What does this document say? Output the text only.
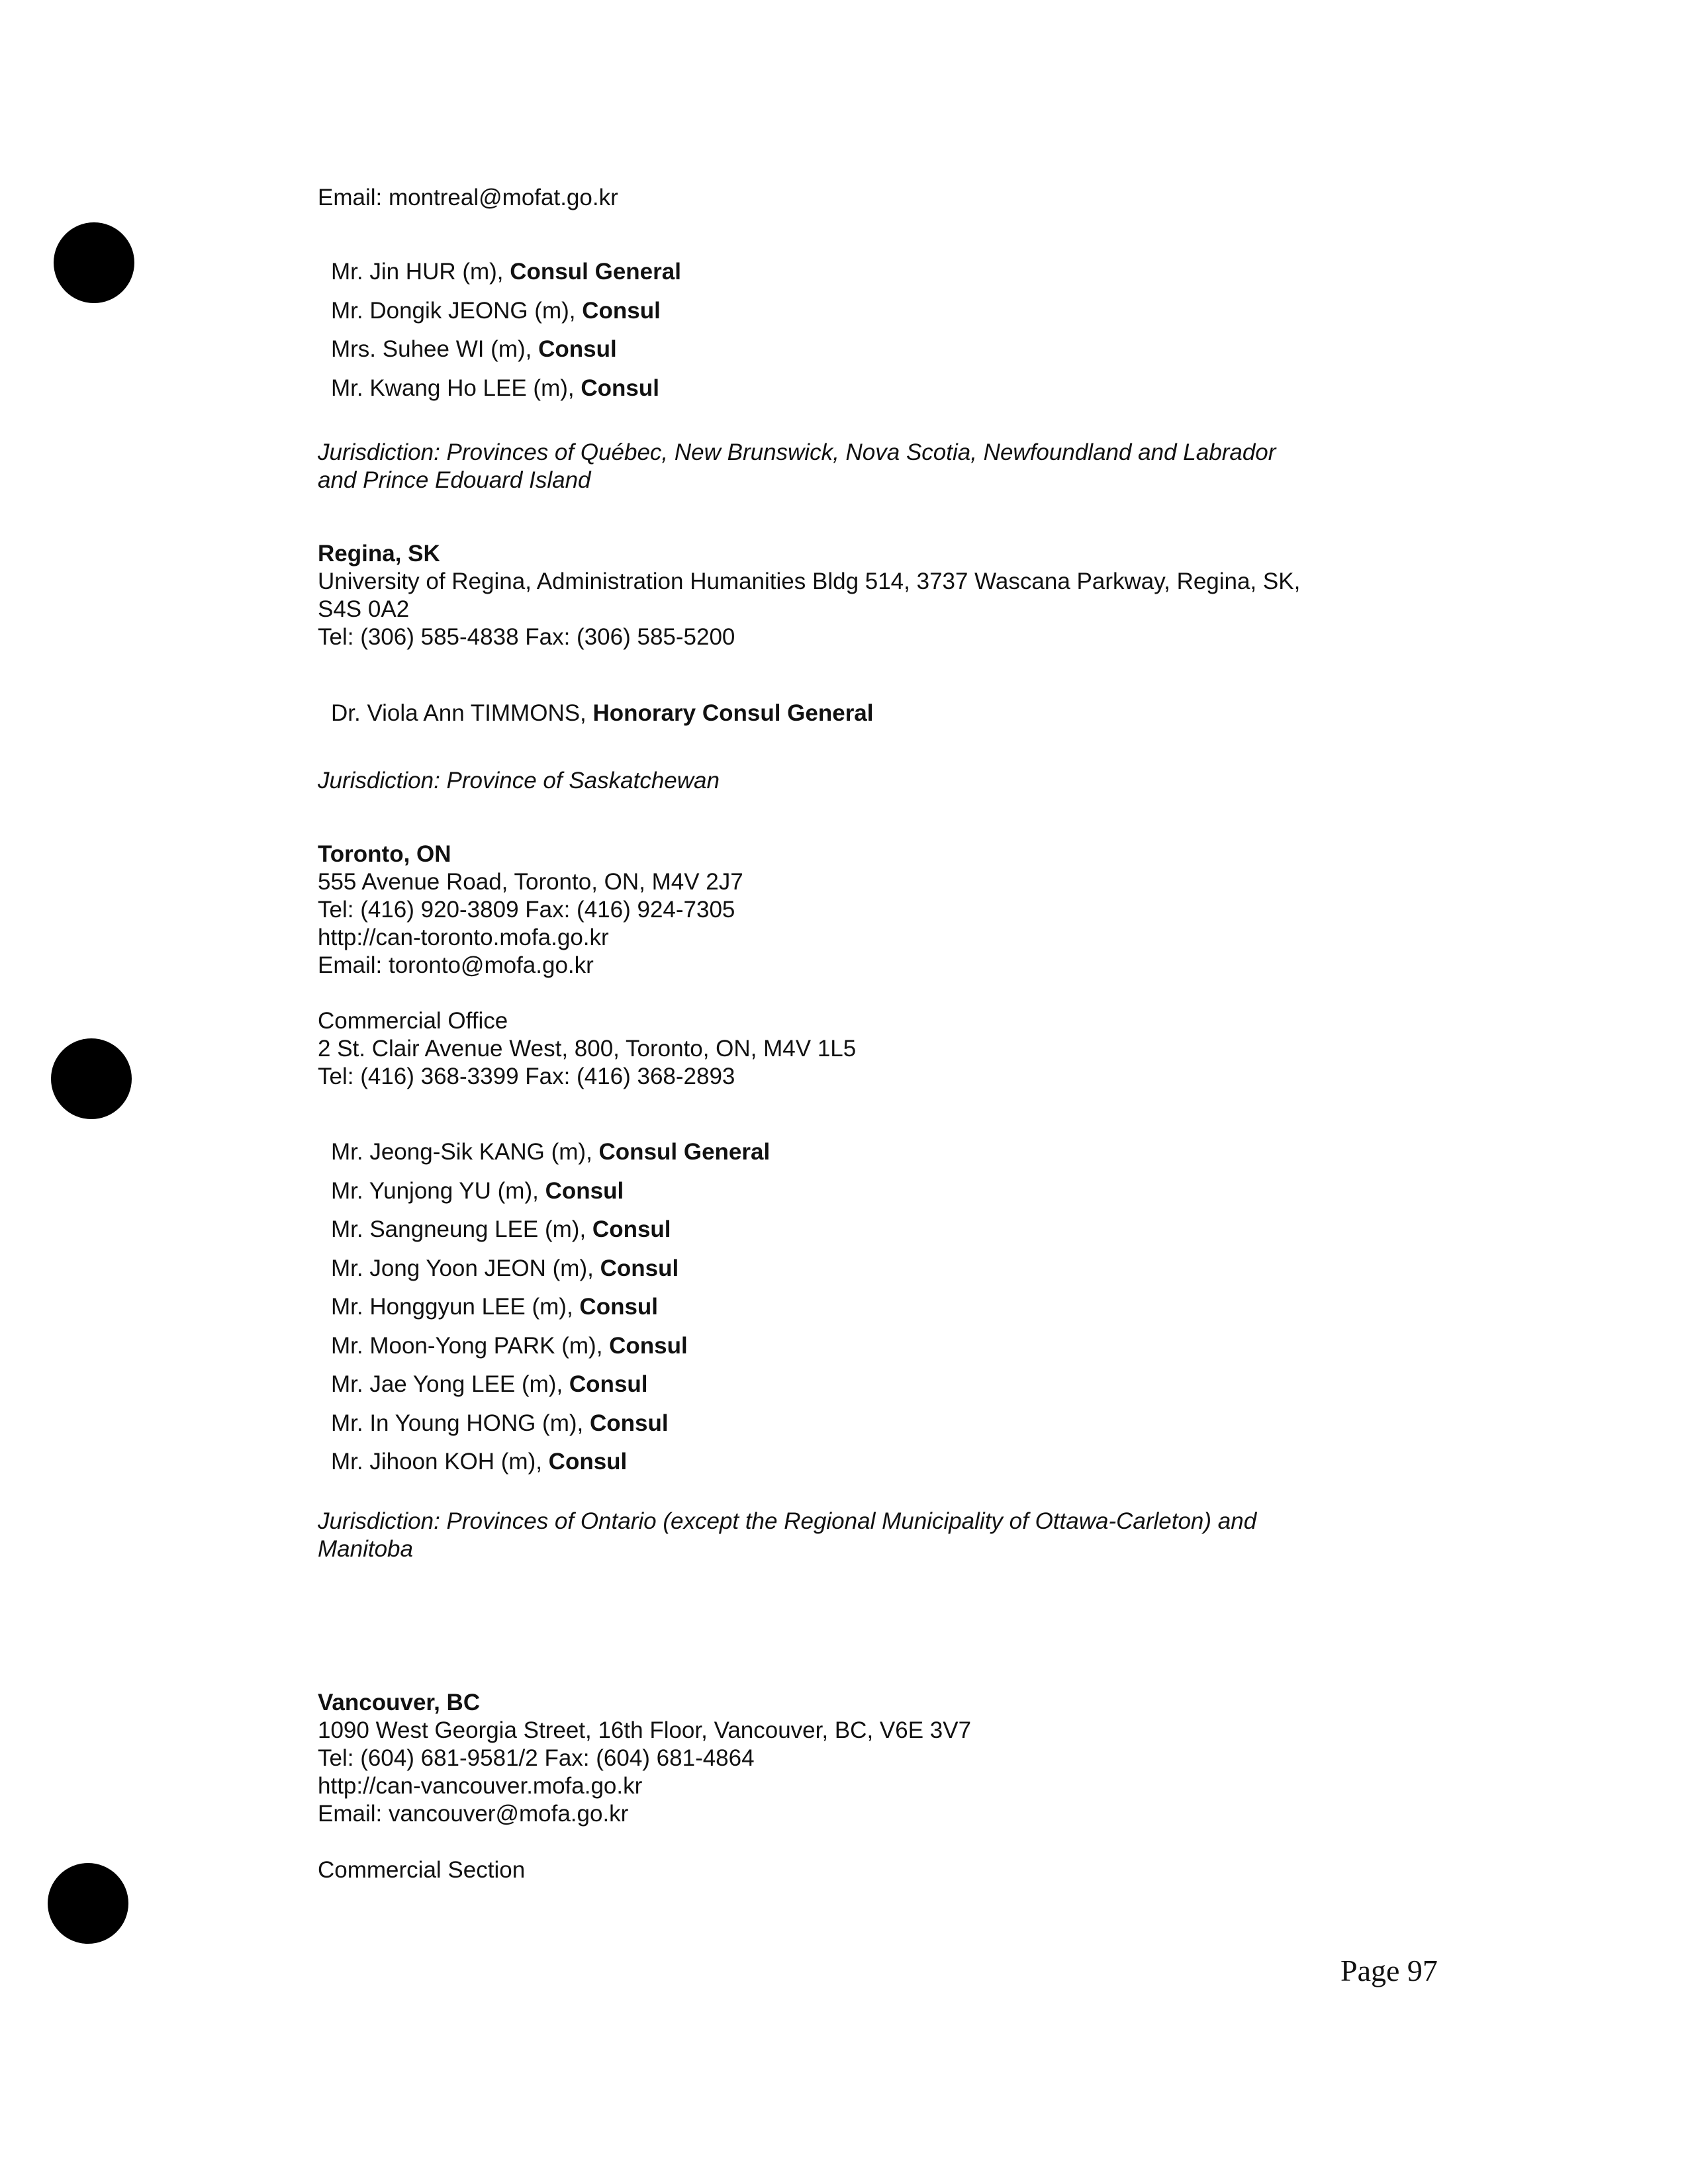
Email: montreal@mofat.go.kr

Mr. Jin HUR (m), Consul General
Mr. Dongik JEONG (m), Consul
Mrs. Suhee WI (m), Consul
Mr. Kwang Ho LEE (m), Consul

Jurisdiction: Provinces of Québec, New Brunswick, Nova Scotia, Newfoundland and Labrador

and Prince Edouard Island

Regina, SK

University of Regina, Administration Humanities Bldg 514, 3737 Wascana Parkway, Regina, SK,

S4S 0A2

Tel: (306) 585-4838 Fax: (306) 585-5200

Dr. Viola Ann TIMMONS, Honorary Consul General

Jurisdiction: Province of Saskatchewan

Toronto, ON

555 Avenue Road, Toronto, ON, M4V 2J7

Tel: (416) 920-3809 Fax: (416) 924-7305

http://can-toronto.mofa.go.kr

Email: toronto@mofa.go.kr

Commercial Office

2 St. Clair Avenue West, 800, Toronto, ON, M4V 1L5

Tel: (416) 368-3399 Fax: (416) 368-2893

Mr. Jeong-Sik KANG (m), Consul General
Mr. Yunjong YU (m), Consul
Mr. Sangneung LEE (m), Consul
Mr. Jong Yoon JEON (m), Consul
Mr. Honggyun LEE (m), Consul
Mr. Moon-Yong PARK (m), Consul
Mr. Jae Yong LEE (m), Consul
Mr. In Young HONG (m), Consul
Mr. Jihoon KOH (m), Consul

Jurisdiction: Provinces of Ontario (except the Regional Municipality of Ottawa-Carleton) and

Manitoba

Vancouver, BC

1090 West Georgia Street, 16th Floor, Vancouver, BC, V6E 3V7

Tel: (604) 681-9581/2 Fax: (604) 681-4864

http://can-vancouver.mofa.go.kr

Email: vancouver@mofa.go.kr

Commercial Section

Page 97
